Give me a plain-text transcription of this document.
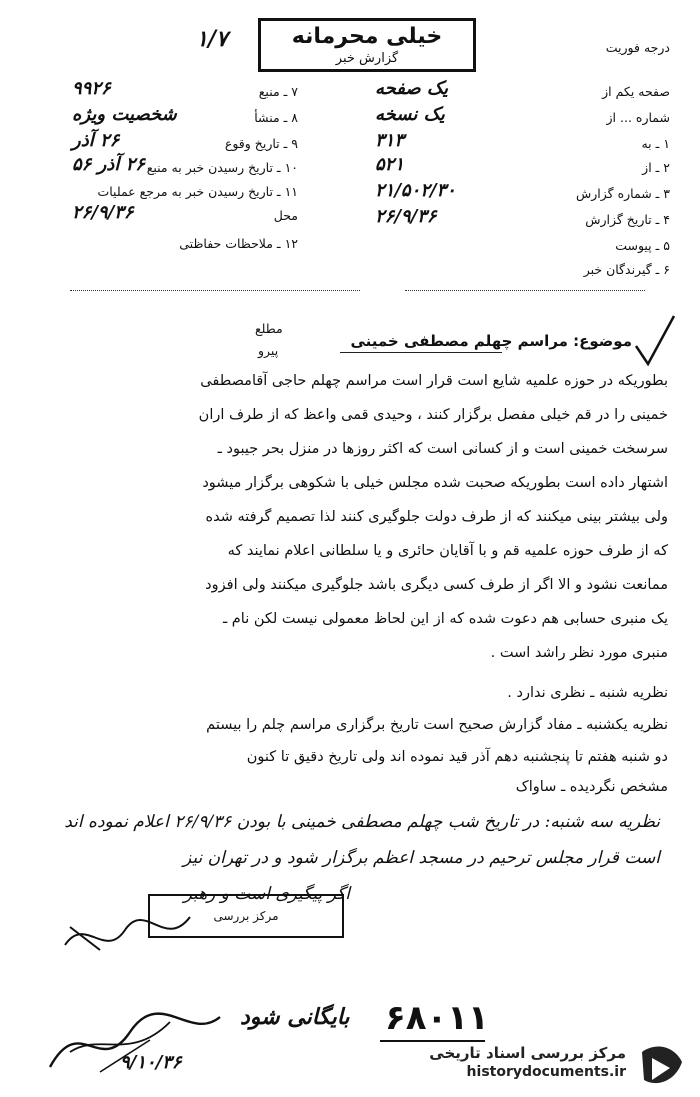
۱/۷	خیلی محرمانه
گزارش خبر
درجه فوریت
۷ ـ منبع
۹۹۲۶
۸ ـ منشأ
شخصیت ویژه
۹ ـ تاریخ وقوع
۲۶ آذر
۱۰ ـ تاریخ رسیدن خبر به منبع
۲۶ آذر ۵۶
۱۱ ـ تاریخ رسیدن خبر به مرجع عملیات
محل
۲۶/۹/۳۶
۱۲ ـ ملاحظات حفاظتی
صفحه یکم از
یک صفحه
شماره ... از
یک نسخه
۱ ـ به
۳۱۳
۲ ـ از
۵۲۱
۳ ـ شماره گزارش
۲۱/۵۰۲/۳۰
۴ ـ تاریخ گزارش
۲۶/۹/۳۶
۵ ـ پیوست
۶ ـ گیرندگان خبر
مطلع
پیرو
موضوع: مراسم چهلم مصطفی خمینی
بطوریکه در حوزه علمیه شایع است قرار است مراسم چهلم حاجی آقامصطفی
خمینی را در قم خیلی مفصل برگزار کنند ، وحیدی قمی واعظ که از طرف اران
سرسخت خمینی است و از کسانی است که اکثر روزها در منزل بحر جیبود ـ
اشتهار داده است بطوریکه صحبت شده مجلس خیلی با شکوهی برگزار میشود
ولی بیشتر بینی میکنند که از طرف دولت جلوگیری کنند لذا تصمیم گرفته شده
که از طرف حوزه علمیه قم و با آقایان حائری و یا سلطانی اعلام نمایند که
ممانعت نشود و الا اگر از طرف کسی دیگری باشد جلوگیری میکنند ولی افزود
یک منبری حسابی هم دعوت شده که از این لحاظ معمولی نیست لکن نام ـ
منبری مورد نظر راشد است .
نظریه شنبه ـ نظری ندارد .
نظریه یکشنبه ـ مفاد گزارش صحیح است تاریخ برگزاری مراسم چلم را بیستم
دو شنبه هفتم تا پنجشنبه دهم آذر قید نموده اند ولی تاریخ دقیق تا کنون
مشخص نگردیده ـ ساواک
نظریه سه شنبه: در تاریخ شب چهلم مصطفی خمینی با بودن ۲۶/۹/۳۶ اعلام نموده اند
است قرار مجلس ترحیم در مسجد اعظم برگزار شود و در تهران نیز
اگر پیگیری است و رهبر
مرکز بررسی
۶۸۰۱۱
بایگانی شود
۹/۱۰/۳۶	مرکز بررسی اسناد تاریخی
historydocuments.ir
